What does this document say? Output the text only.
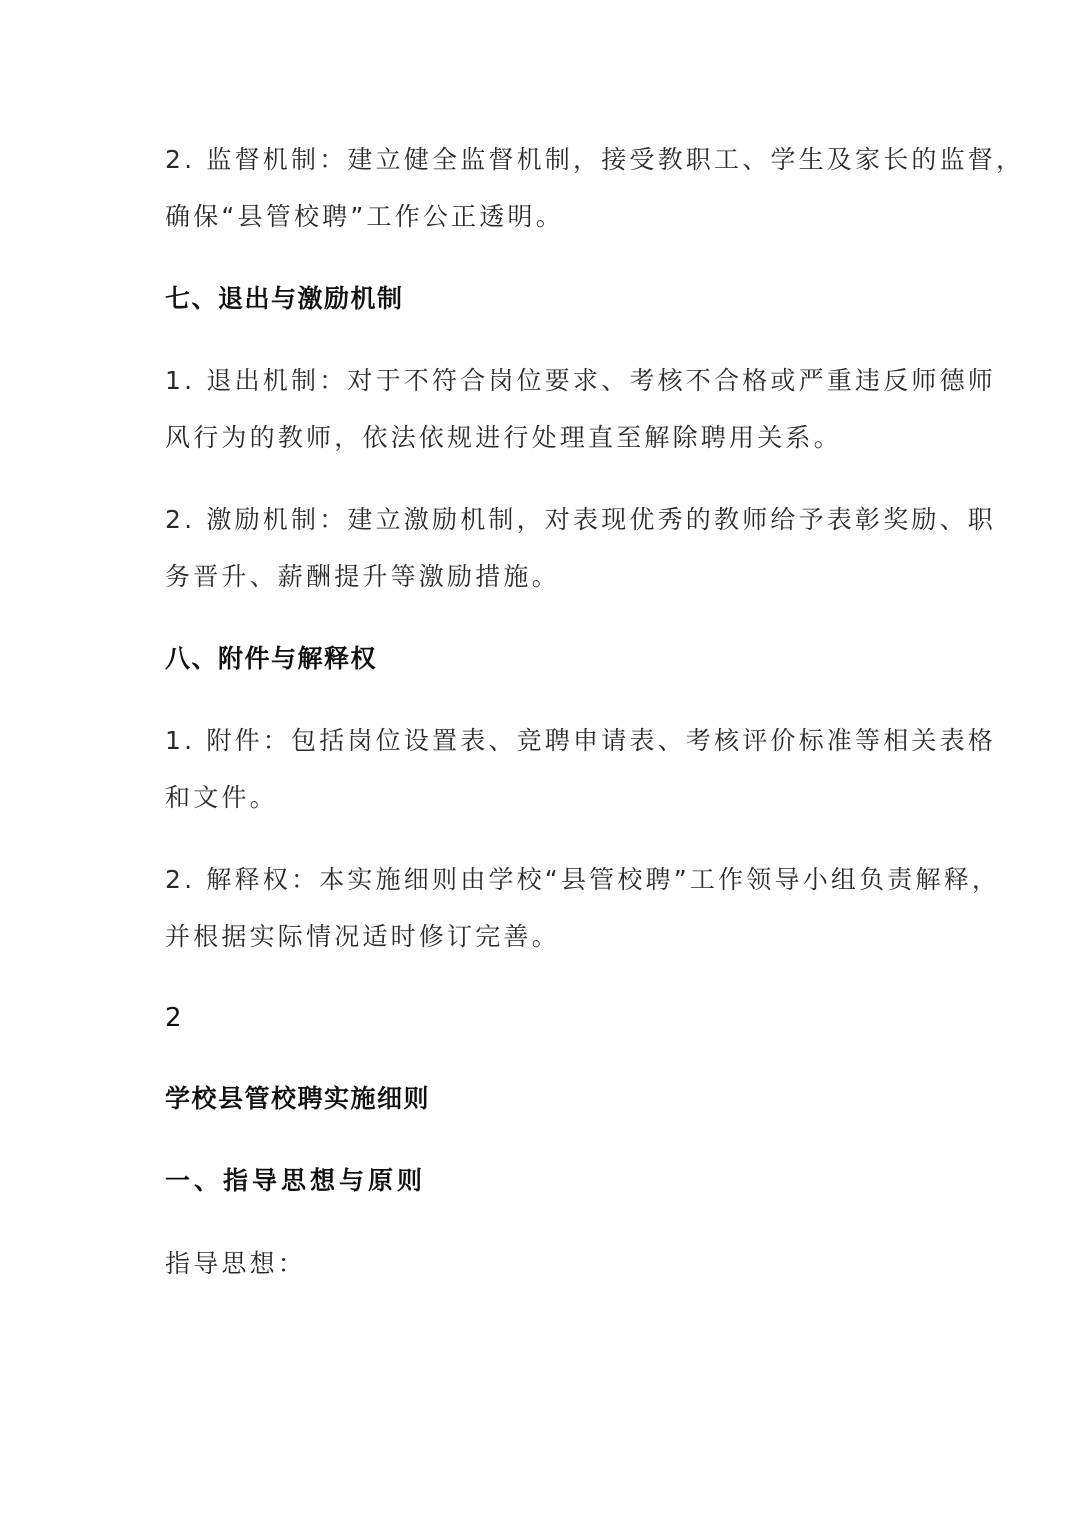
2. 监督机制：建立健全监督机制，接受教职工、学生及家长的监督，
确保“县管校聘”工作公正透明。
七、退出与激励机制
1. 退出机制：对于不符合岗位要求、考核不合格或严重违反师德师
风行为的教师，依法依规进行处理直至解除聘用关系。
2. 激励机制：建立激励机制，对表现优秀的教师给予表彰奖励、职
务晋升、薪酬提升等激励措施。
八、附件与解释权
1. 附件：包括岗位设置表、竞聘申请表、考核评价标准等相关表格
和文件。
2. 解释权：本实施细则由学校“县管校聘”工作领导小组负责解释，
并根据实际情况适时修订完善。
2
学校县管校聘实施细则
一、指导思想与原则
指导思想：
